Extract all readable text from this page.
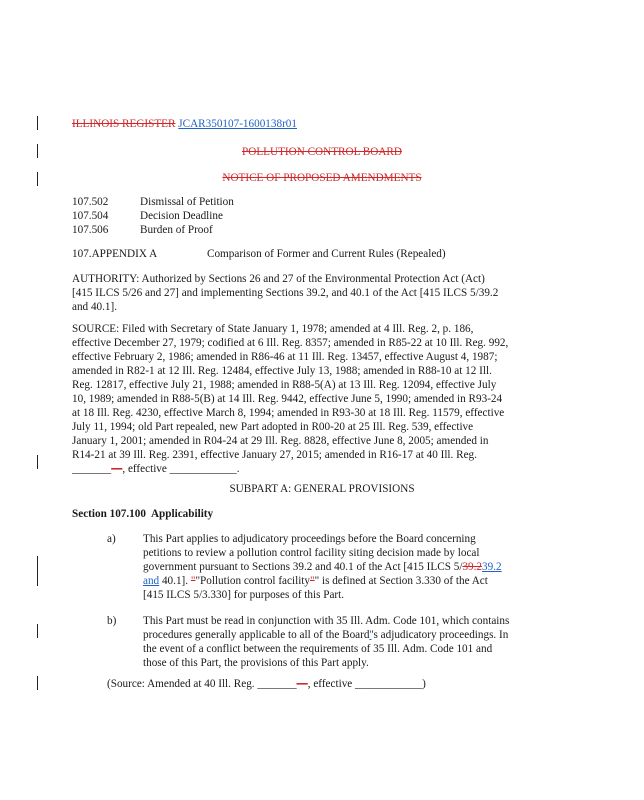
ILLINOIS REGISTER JCAR350107-1600138r01
POLLUTION CONTROL BOARD
NOTICE OF PROPOSED AMENDMENTS
107.502	Dismissal of Petition
107.504	Decision Deadline
107.506	Burden of Proof
107.APPENDIX A	Comparison of Former and Current Rules (Repealed)
AUTHORITY: Authorized by Sections 26 and 27 of the Environmental Protection Act (Act)
[415 ILCS 5/26 and 27] and implementing Sections 39.2, and 40.1 of the Act [415 ILCS 5/39.2
and 40.1].
SOURCE: Filed with Secretary of State January 1, 1978; amended at 4 Ill. Reg. 2, p. 186,
effective December 27, 1979; codified at 6 Ill. Reg. 8357; amended in R85-22 at 10 Ill. Reg. 992,
effective February 2, 1986; amended in R86-46 at 11 Ill. Reg. 13457, effective August 4, 1987;
amended in R82-1 at 12 Ill. Reg. 12484, effective July 13, 1988; amended in R88-10 at 12 Ill.
Reg. 12817, effective July 21, 1988; amended in R88-5(A) at 13 Ill. Reg. 12094, effective July
10, 1989; amended in R88-5(B) at 14 Ill. Reg. 9442, effective June 5, 1990; amended in R93-24
at 18 Ill. Reg. 4230, effective March 8, 1994; amended in R93-30 at 18 Ill. Reg. 11579, effective
July 11, 1994; old Part repealed, new Part adopted in R00-20 at 25 Ill. Reg. 539, effective
January 1, 2001; amended in R04-24 at 29 Ill. Reg. 8828, effective June 8, 2005; amended in
R14-21 at 39 Ill. Reg. 2391, effective January 27, 2015; amended in R16-17 at 40 Ill. Reg.
_______—, effective ____________.
SUBPART A: GENERAL PROVISIONS
Section 107.100 Applicability
a) This Part applies to adjudicatory proceedings before the Board concerning
petitions to review a pollution control facility siting decision made by local
government pursuant to Sections 39.2 and 40.1 of the Act [415 ILCS 5/39.239.2
and 40.1]. ""Pollution control facility"" is defined at Section 3.330 of the Act
[415 ILCS 5/3.330] for purposes of this Part.
b) This Part must be read in conjunction with 35 Ill. Adm. Code 101, which contains
procedures generally applicable to all of the Board''s adjudicatory proceedings. In
the event of a conflict between the requirements of 35 Ill. Adm. Code 101 and
those of this Part, the provisions of this Part apply.
(Source: Amended at 40 Ill. Reg. _______—, effective ____________)
